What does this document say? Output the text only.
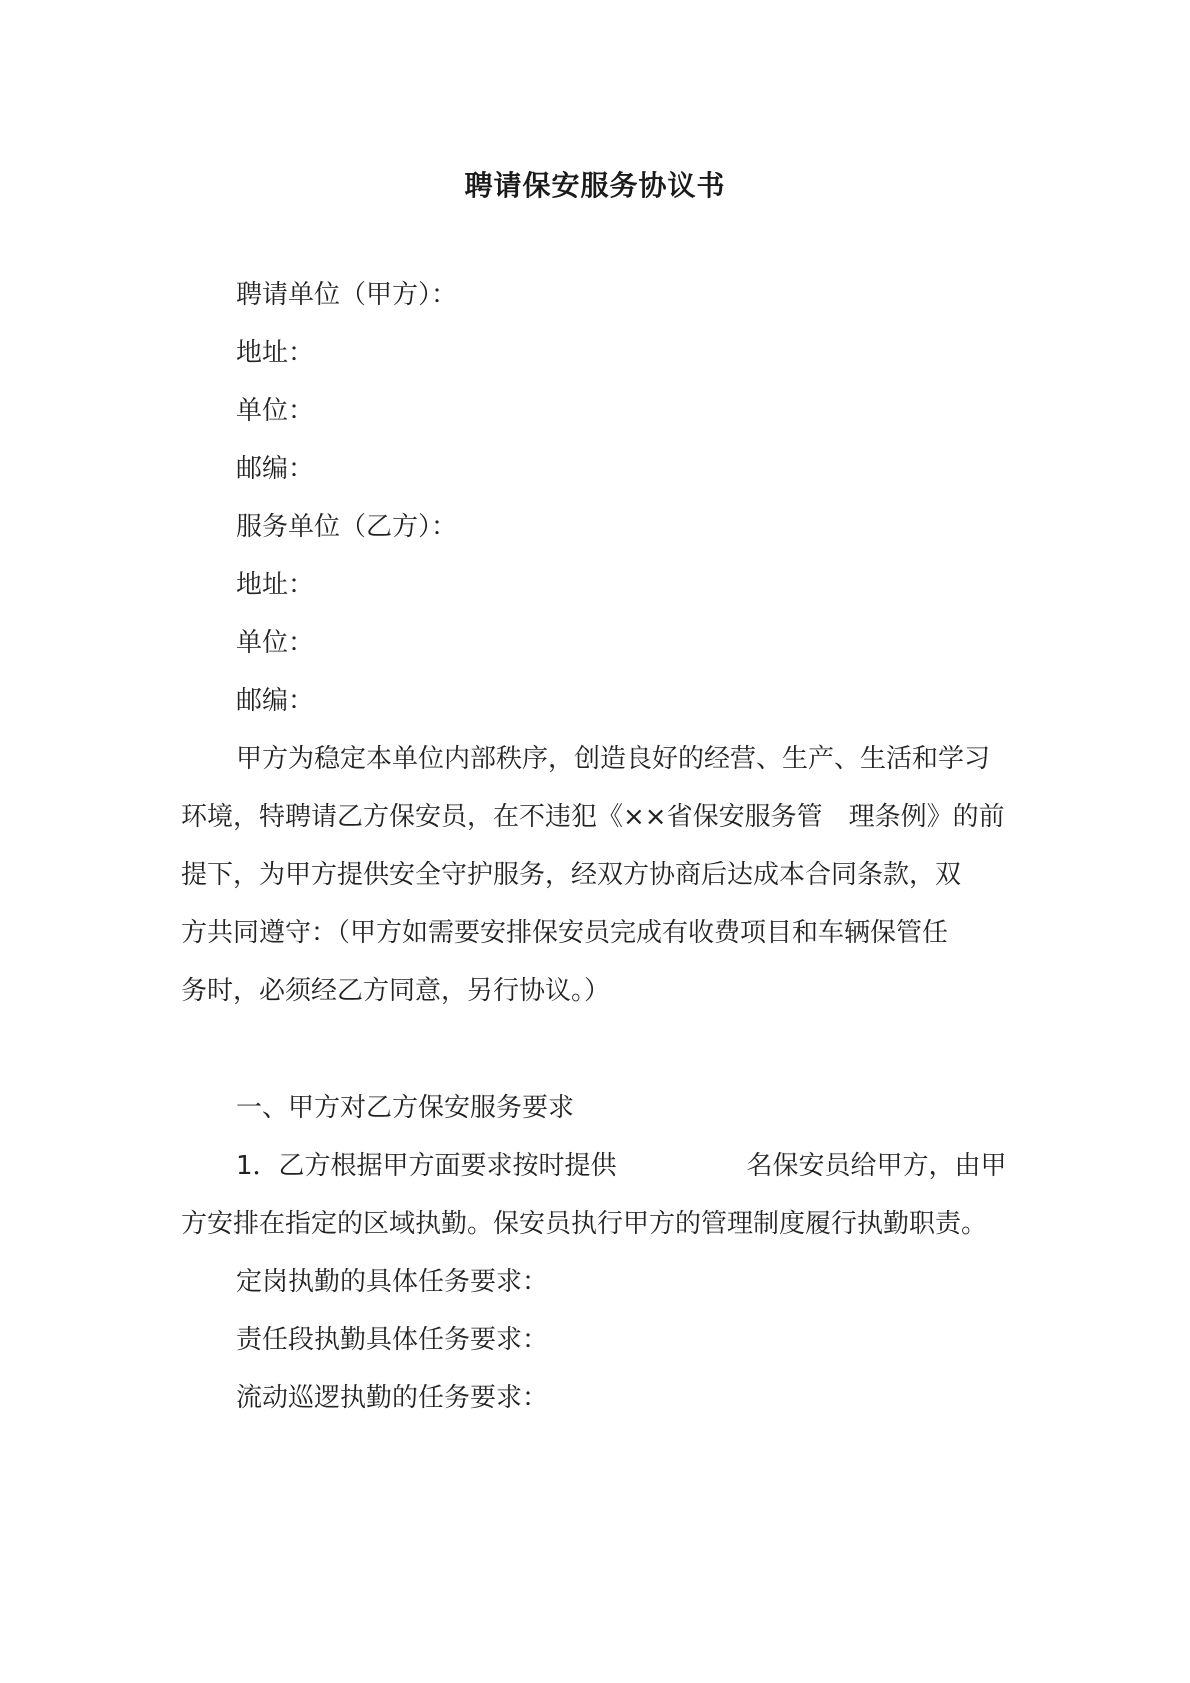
聘请保安服务协议书
聘请单位（甲方）：
地址：
单位：
邮编：
服务单位（乙方）：
地址：
单位：
邮编：
甲方为稳定本单位内部秩序，创造良好的经营、生产、生活和学习
环境，特聘请乙方保安员，在不违犯《××省保安服务管　理条例》的前
提下，为甲方提供安全守护服务，经双方协商后达成本合同条款，双
方共同遵守：（甲方如需要安排保安员完成有收费项目和车辆保管任
务时，必须经乙方同意，另行协议。）
一、甲方对乙方保安服务要求
1．乙方根据甲方面要求按时提供　　　　　名保安员给甲方，由甲
方安排在指定的区域执勤。保安员执行甲方的管理制度履行执勤职责。
定岗执勤的具体任务要求：
责任段执勤具体任务要求：
流动巡逻执勤的任务要求：
